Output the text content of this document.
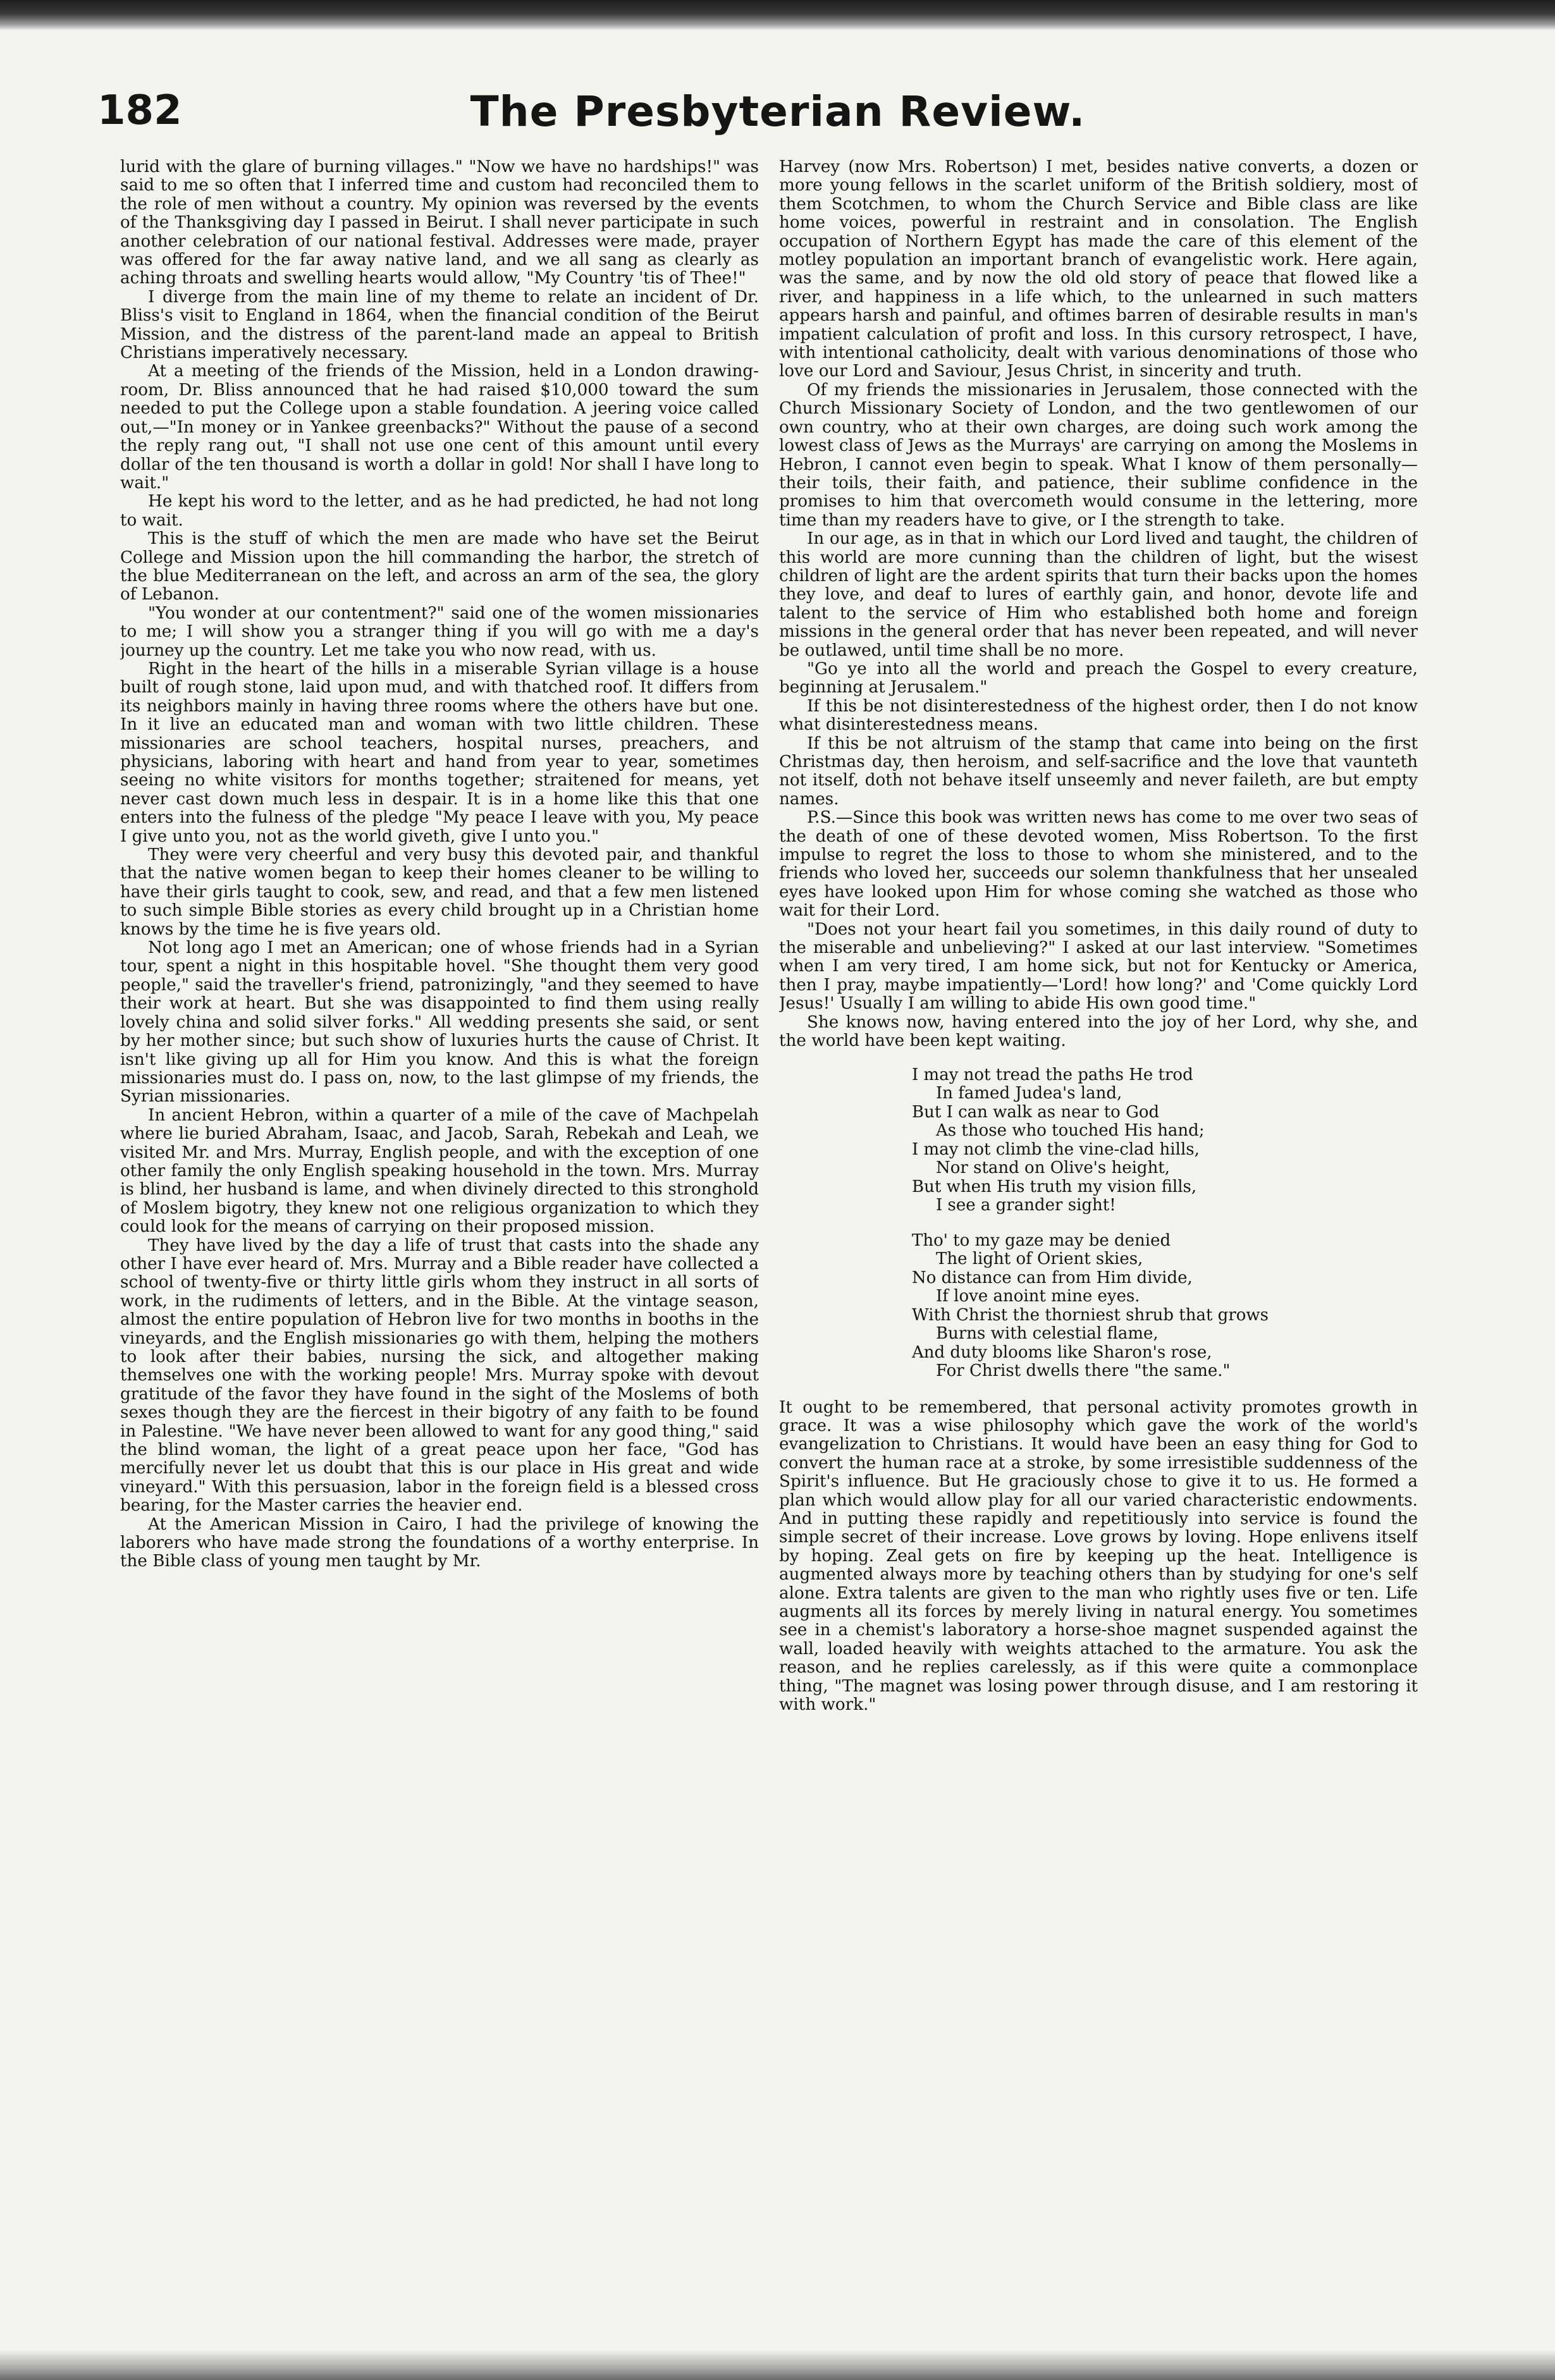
182	The Presbyterian Review.

lurid with the glare of burning villages." "Now we have no hardships!" was said to me so often that I inferred time and custom had reconciled them to the role of men without a country. My opinion was reversed by the events of the Thanksgiving day I passed in Beirut. I shall never participate in such another celebration of our national festival. Addresses were made, prayer was offered for the far away native land, and we all sang as clearly as aching throats and swelling hearts would allow, "My Country 'tis of Thee!"

I diverge from the main line of my theme to relate an incident of Dr. Bliss's visit to England in 1864, when the financial condition of the Beirut Mission, and the distress of the parent-land made an appeal to British Christians imperatively necessary.

At a meeting of the friends of the Mission, held in a London drawing-room, Dr. Bliss announced that he had raised $10,000 toward the sum needed to put the College upon a stable foundation. A jeering voice called out,—"In money or in Yankee greenbacks?" Without the pause of a second the reply rang out, "I shall not use one cent of this amount until every dollar of the ten thousand is worth a dollar in gold! Nor shall I have long to wait."

He kept his word to the letter, and as he had predicted, he had not long to wait.

This is the stuff of which the men are made who have set the Beirut College and Mission upon the hill commanding the harbor, the stretch of the blue Mediterranean on the left, and across an arm of the sea, the glory of Lebanon.

"You wonder at our contentment?" said one of the women missionaries to me; I will show you a stranger thing if you will go with me a day's journey up the country. Let me take you who now read, with us.

Right in the heart of the hills in a miserable Syrian village is a house built of rough stone, laid upon mud, and with thatched roof. It differs from its neighbors mainly in having three rooms where the others have but one. In it live an educated man and woman with two little children. These missionaries are school teachers, hospital nurses, preachers, and physicians, laboring with heart and hand from year to year, sometimes seeing no white visitors for months together; straitened for means, yet never cast down much less in despair. It is in a home like this that one enters into the fulness of the pledge "My peace I leave with you, My peace I give unto you, not as the world giveth, give I unto you."

They were very cheerful and very busy this devoted pair, and thankful that the native women began to keep their homes cleaner to be willing to have their girls taught to cook, sew, and read, and that a few men listened to such simple Bible stories as every child brought up in a Christian home knows by the time he is five years old.

Not long ago I met an American; one of whose friends had in a Syrian tour, spent a night in this hospitable hovel. "She thought them very good people," said the traveller's friend, patronizingly, "and they seemed to have their work at heart. But she was disappointed to find them using really lovely china and solid silver forks." All wedding presents she said, or sent by her mother since; but such show of luxuries hurts the cause of Christ. It isn't like giving up all for Him you know. And this is what the foreign missionaries must do. I pass on, now, to the last glimpse of my friends, the Syrian missionaries.

In ancient Hebron, within a quarter of a mile of the cave of Machpelah where lie buried Abraham, Isaac, and Jacob, Sarah, Rebekah and Leah, we visited Mr. and Mrs. Murray, English people, and with the exception of one other family the only English speaking household in the town. Mrs. Murray is blind, her husband is lame, and when divinely directed to this stronghold of Moslem bigotry, they knew not one religious organization to which they could look for the means of carrying on their proposed mission.

They have lived by the day a life of trust that casts into the shade any other I have ever heard of. Mrs. Murray and a Bible reader have collected a school of twenty-five or thirty little girls whom they instruct in all sorts of work, in the rudiments of letters, and in the Bible. At the vintage season, almost the entire population of Hebron live for two months in booths in the vineyards, and the English missionaries go with them, helping the mothers to look after their babies, nursing the sick, and altogether making themselves one with the working people! Mrs. Murray spoke with devout gratitude of the favor they have found in the sight of the Moslems of both sexes though they are the fiercest in their bigotry of any faith to be found in Palestine. "We have never been allowed to want for any good thing," said the blind woman, the light of a great peace upon her face, "God has mercifully never let us doubt that this is our place in His great and wide vineyard." With this persuasion, labor in the foreign field is a blessed cross bearing, for the Master carries the heavier end.

At the American Mission in Cairo, I had the privilege of knowing the laborers who have made strong the foundations of a worthy enterprise. In the Bible class of young men taught by Mr.

Harvey (now Mrs. Robertson) I met, besides native converts, a dozen or more young fellows in the scarlet uniform of the British soldiery, most of them Scotchmen, to whom the Church Service and Bible class are like home voices, powerful in restraint and in consolation. The English occupation of Northern Egypt has made the care of this element of the motley population an important branch of evangelistic work. Here again, was the same, and by now the old old story of peace that flowed like a river, and happiness in a life which, to the unlearned in such matters appears harsh and painful, and oftimes barren of desirable results in man's impatient calculation of profit and loss. In this cursory retrospect, I have, with intentional catholicity, dealt with various denominations of those who love our Lord and Saviour, Jesus Christ, in sincerity and truth.

Of my friends the missionaries in Jerusalem, those connected with the Church Missionary Society of London, and the two gentlewomen of our own country, who at their own charges, are doing such work among the lowest class of Jews as the Murrays' are carrying on among the Moslems in Hebron, I cannot even begin to speak. What I know of them personally—their toils, their faith, and patience, their sublime confidence in the promises to him that overcometh would consume in the lettering, more time than my readers have to give, or I the strength to take.

In our age, as in that in which our Lord lived and taught, the children of this world are more cunning than the children of light, but the wisest children of light are the ardent spirits that turn their backs upon the homes they love, and deaf to lures of earthly gain, and honor, devote life and talent to the service of Him who established both home and foreign missions in the general order that has never been repeated, and will never be outlawed, until time shall be no more.

"Go ye into all the world and preach the Gospel to every creature, beginning at Jerusalem."

If this be not disinterestedness of the highest order, then I do not know what disinterestedness means.

If this be not altruism of the stamp that came into being on the first Christmas day, then heroism, and self-sacrifice and the love that vaunteth not itself, doth not behave itself unseemly and never faileth, are but empty names.

P.S.—Since this book was written news has come to me over two seas of the death of one of these devoted women, Miss Robertson. To the first impulse to regret the loss to those to whom she ministered, and to the friends who loved her, succeeds our solemn thankfulness that her unsealed eyes have looked upon Him for whose coming she watched as those who wait for their Lord.

"Does not your heart fail you sometimes, in this daily round of duty to the miserable and unbelieving?" I asked at our last interview. "Sometimes when I am very tired, I am home sick, but not for Kentucky or America, then I pray, maybe impatiently—'Lord! how long?' and 'Come quickly Lord Jesus!' Usually I am willing to abide His own good time."

She knows now, having entered into the joy of her Lord, why she, and the world have been kept waiting.

I may not tread the paths He trod
In famed Judea's land,
But I can walk as near to God
As those who touched His hand;
I may not climb the vine-clad hills,
Nor stand on Olive's height,
But when His truth my vision fills,
I see a grander sight!
Tho' to my gaze may be denied
The light of Orient skies,
No distance can from Him divide,
If love anoint mine eyes.
With Christ the thorniest shrub that grows
Burns with celestial flame,
And duty blooms like Sharon's rose,
For Christ dwells there "the same."

It ought to be remembered, that personal activity promotes growth in grace. It was a wise philosophy which gave the work of the world's evangelization to Christians. It would have been an easy thing for God to convert the human race at a stroke, by some irresistible suddenness of the Spirit's influence. But He graciously chose to give it to us. He formed a plan which would allow play for all our varied characteristic endowments. And in putting these rapidly and repetitiously into service is found the simple secret of their increase. Love grows by loving. Hope enlivens itself by hoping. Zeal gets on fire by keeping up the heat. Intelligence is augmented always more by teaching others than by studying for one's self alone. Extra talents are given to the man who rightly uses five or ten. Life augments all its forces by merely living in natural energy. You sometimes see in a chemist's laboratory a horse-shoe magnet suspended against the wall, loaded heavily with weights attached to the armature. You ask the reason, and he replies carelessly, as if this were quite a commonplace thing, "The magnet was losing power through disuse, and I am restoring it with work."
